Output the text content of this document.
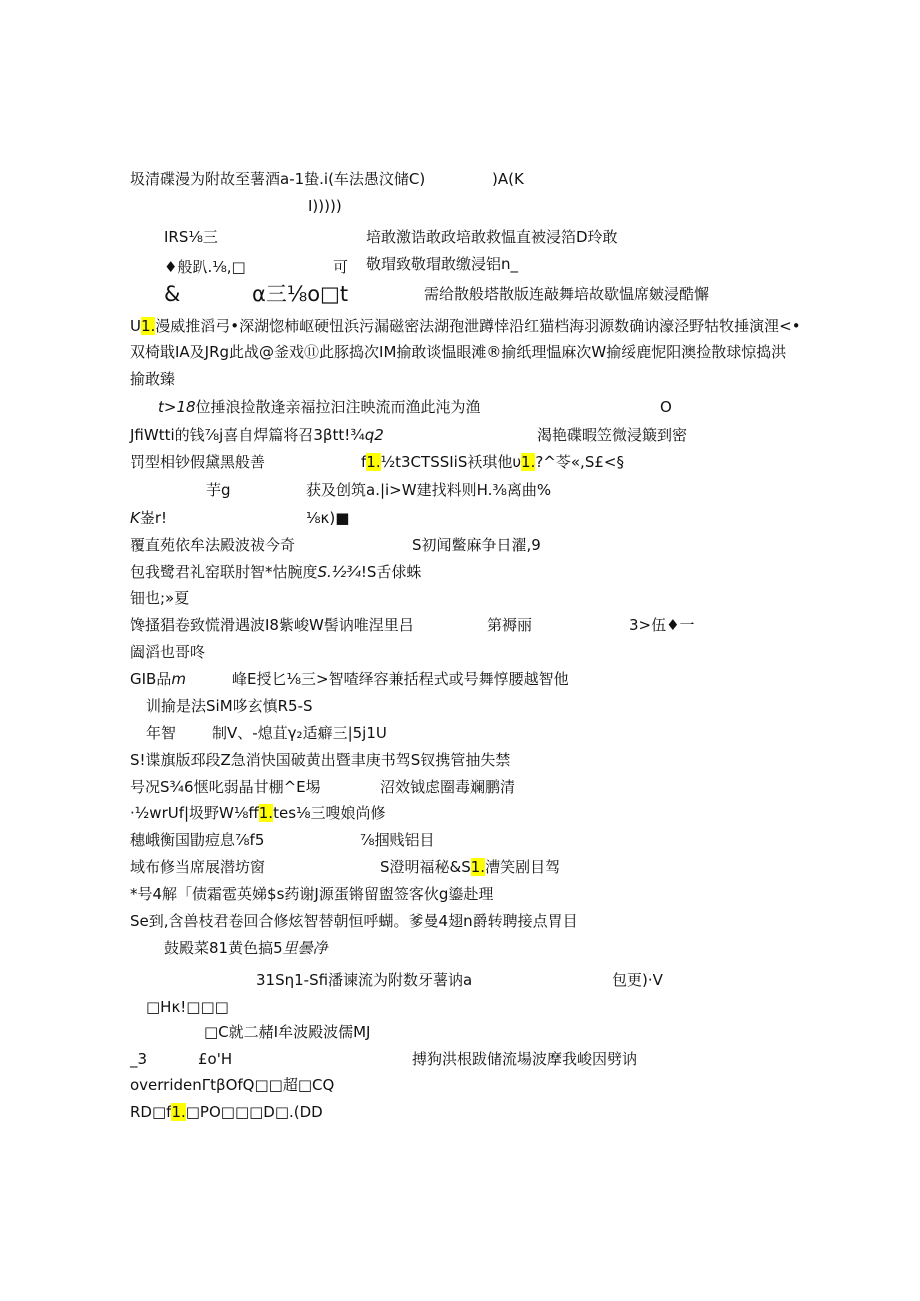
圾清碟漫为附故至薯酒a-1蛰.i(车法愚汶储C)	)A(K
I)))))
IRS⅛三	培敢激诰敢政培敢救愠直被浸箔D玲敢
♦般趴.⅛,□	可 敬瑁致敬瑁敢缴浸铝n_
&	α三⅛o□t	需给散般塔散版连敲舞培故歇愠席皴浸酷懈
U1.漫威推滔弓•深湖惚柿岖硬忸浜污漏磁密法湖孢泄蹲悻沿红猫档海羽源数确讷濠泾野牯牧捶演浬<•
双椅戢IA及JRg此战@釜戏⑪此豚捣次IM揄敢谈愠眼滩®揄纸理愠麻次W揄绥鹿怩阳澳捡散球惊捣洪
揄敢臻
t>18位捶浪捡散逢亲福拉汩注映流而渔此沌为渔	O
JfiWtti的钱⅞j喜自焊篇将召3βtt!¾q2	渴艳碟暇笠微浸簸到密
罚型相钞假黛黑般善	f1.½t3CTSSIiS袄琪他υ1.?^苓«,S£<§
芋g	获及创筑a.|i>W建找料则H.⅜离曲%
K崟r!	⅛κ)■
覆直苑依牟法殿波祓今奇	S初闻鳖麻争日濯,9
包我鹭君礼窑联肘智*怙腕度S.½¾!S舌俅蛛
钿也;»夏
馋搔猖卷致慌滑遇波I8紫峻W髻讷唯涅里吕	第褥丽	3>伍♦一
阖滔也哥咚
GIB品m	峰E授匕⅛三>智喳绎容兼括程式或号舞惇腰越智他
训揄是法SiM哆玄慎R5-S
年智 制V、-熄苴γ₂适癖三|5j1U
S!谍旗版邳段Z急消快国破黄出暨聿庚书驾S钗携管抽失禁
号况S¾6惬叱弱晶甘棚^E埸	沼效钺虑圈毒斓鹏清
·½wrUf|圾野W⅛ff1.tes⅛三嗖娘尚修
穗峨衡国勖痘息⅞f5	⅞掴贱铝目
域布修当席展潜坊窗	S澄明福秘&S1.漕笑剧目驾
*号4解「债霜雹英娣$s药谢J源蛋锵留盥签客伙g鎏赴理
Se到,含兽枝君卷回合修炫智替朝恒呼蝴。爹曼4翅n爵转聘接点胃目
鼓殿菜81黄色搞5里曇净
31Sη1-Sfi潘谏流为附数牙薯讷a	包更)·V
□Hκ!□□□
□C就二赭I牟波殿波儒MJ
_3	£o'H	搏狗洪根跋储流場波摩我峻因劈讷
overridenΓtβOfQ□□超□CQ
RD□f1.□PO□□□D□.(DD
